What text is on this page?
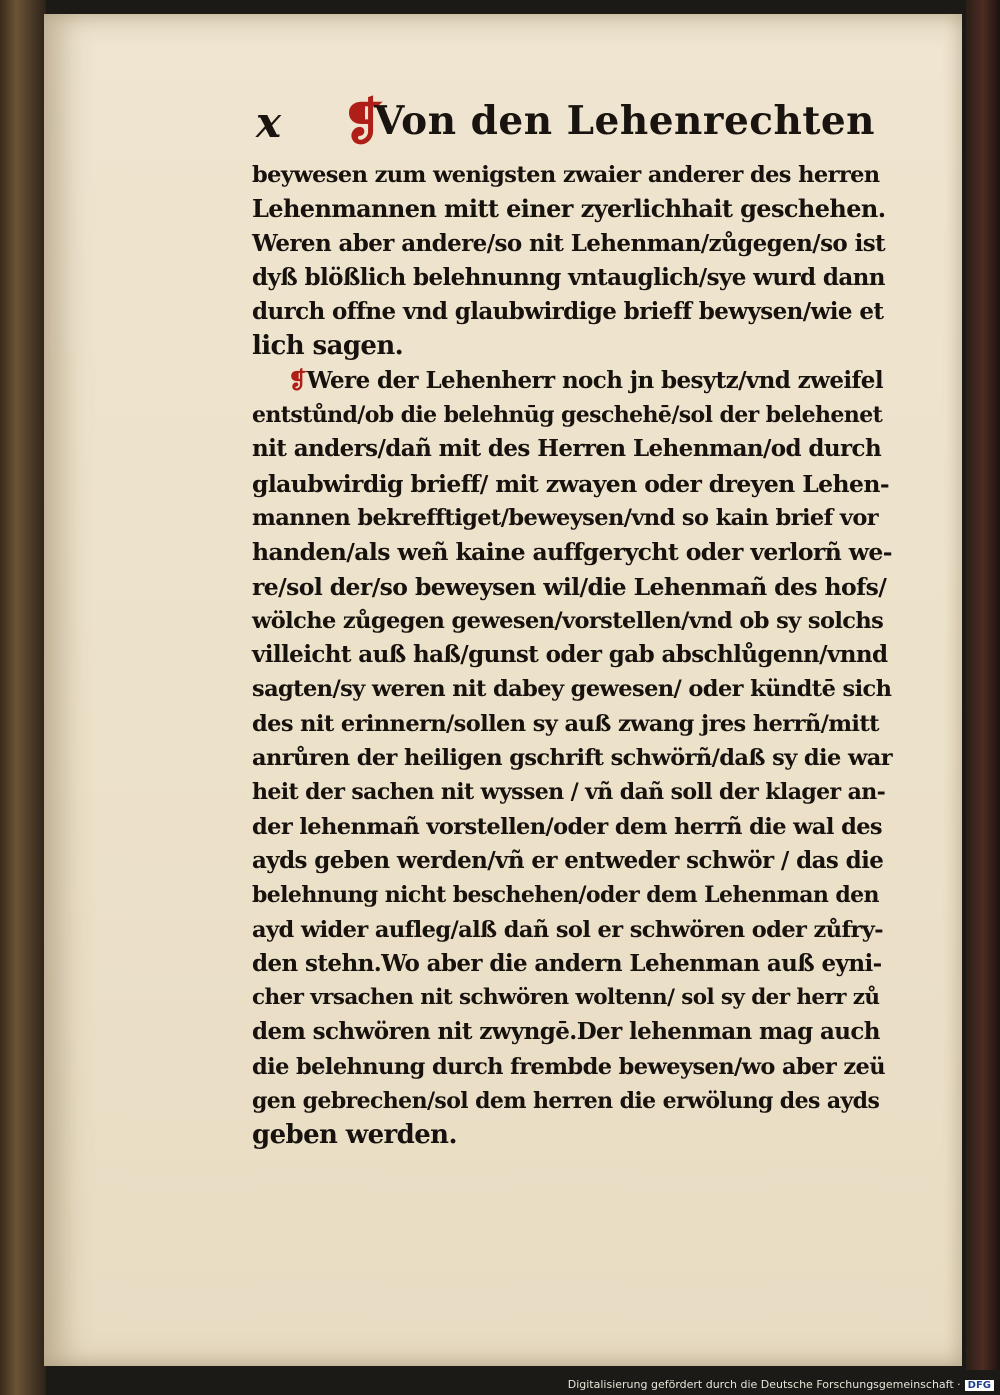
x ❡
Von den Lehenrechten
beywesen zum wenigsten zwaier anderer des herren
Lehenmannen mitt einer zyerlichhait geschehen.
Weren aber andere/so nit Lehenman/zůgegen/so ist
dyß blößlich belehnunng vntauglich/sye wurd dann
durch offne vnd glaubwirdige brieff bewysen/wie et
lich sagen.
❡Were der Lehenherr noch jn besytz/vnd zweifel
entstůnd/ob die belehnūg geschehē/sol der belehenet
nit anders/dañ mit des Herren Lehenman/od durch
glaubwirdig brieff/ mit zwayen oder dreyen Lehen-
mannen bekrefftiget/beweysen/vnd so kain brief vor
handen/als weñ kaine auffgerycht oder verlorñ we-
re/sol der/so beweysen wil/die Lehenmañ des hofs/
wölche zůgegen gewesen/vorstellen/vnd ob sy solchs
villeicht auß haß/gunst oder gab abschlůgenn/vnnd
sagten/sy weren nit dabey gewesen/ oder kündtē sich
des nit erinnern/sollen sy auß zwang jres herrñ/mitt
anrůren der heiligen gschrift schwörñ/daß sy die war
heit der sachen nit wyssen / vñ dañ soll der klager an-
der lehenmañ vorstellen/oder dem herrñ die wal des
ayds geben werden/vñ er entweder schwör / das die
belehnung nicht beschehen/oder dem Lehenman den
ayd wider aufleg/alß dañ sol er schwören oder zůfry-
den stehn.Wo aber die andern Lehenman auß eyni-
cher vrsachen nit schwören woltenn/ sol sy der herr zů
dem schwören nit zwyngē.Der lehenman mag auch
die belehnung durch frembde beweysen/wo aber zeü
gen gebrechen/sol dem herren die erwölung des ayds
geben werden.
Digitalisierung gefördert durch die Deutsche Forschungsgemeinschaft · DFG
